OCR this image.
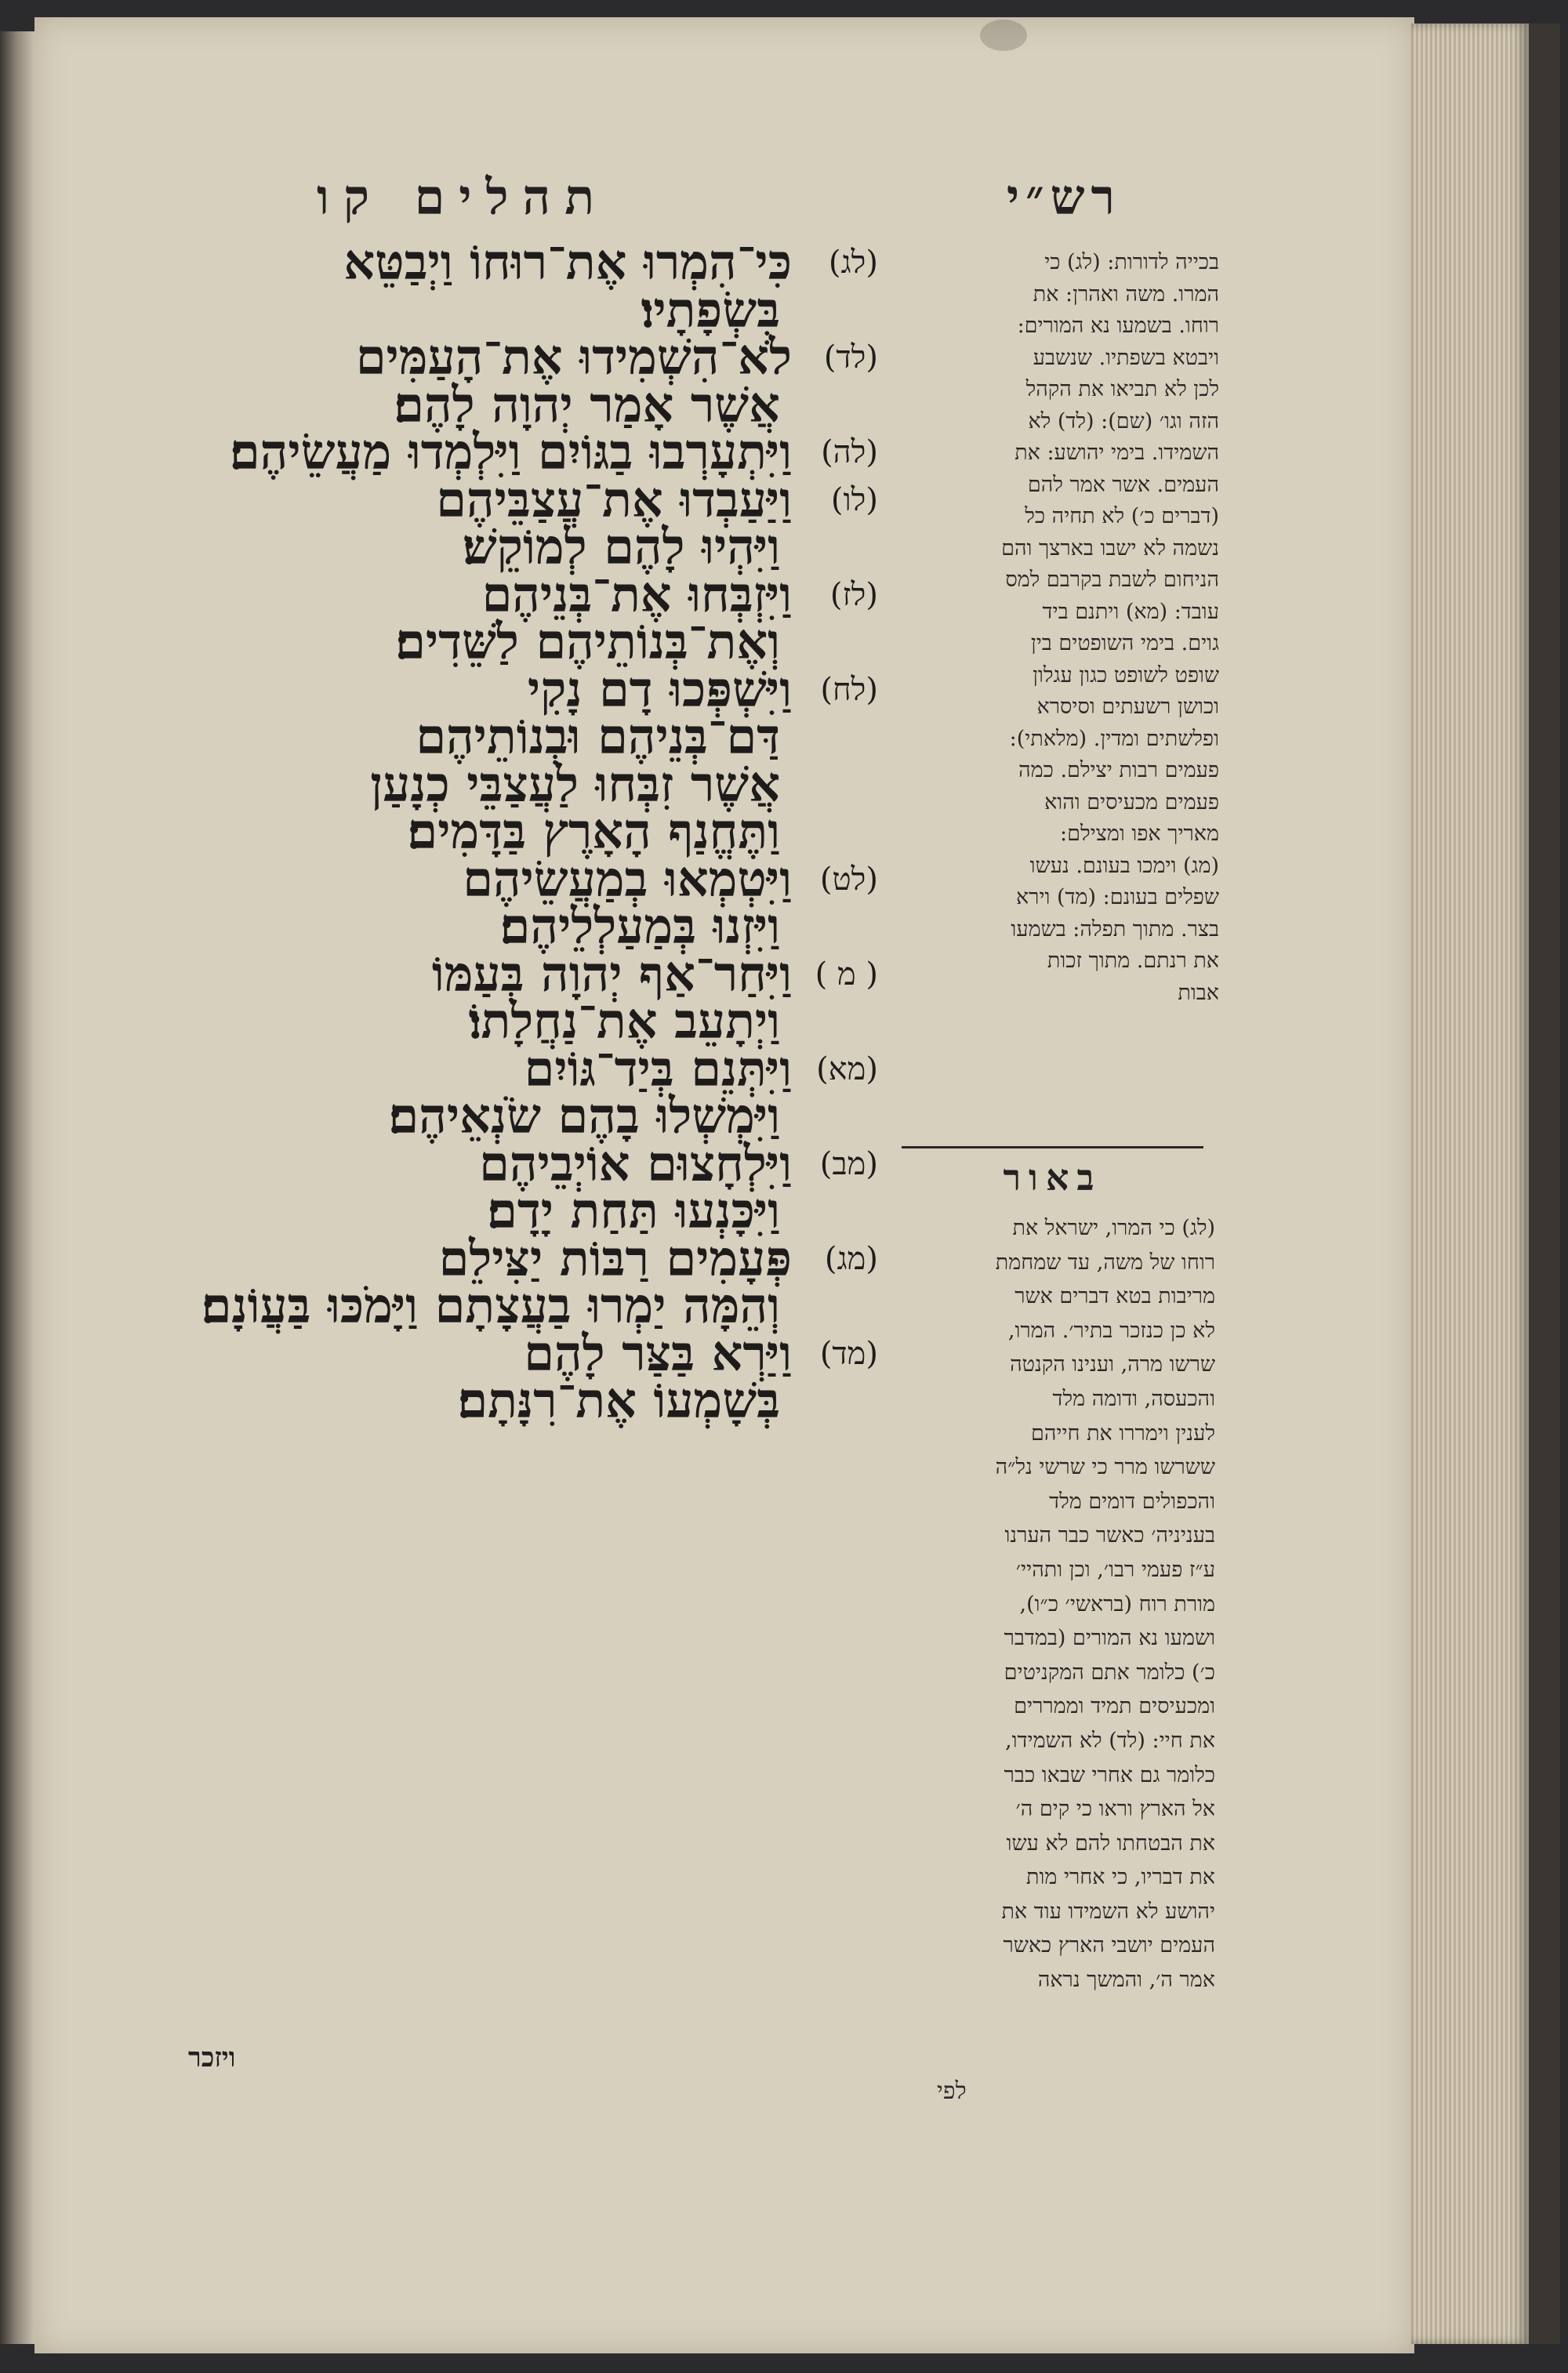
תהלים קו	רש״י
(לג)
כִּי־הִמְרוּ אֶת־רוּחוֹ וַיְבַטֵּא
בִּשְׂפָתָיו׃
(לד)
לֹא־הִשְׁמִידוּ אֶת־הָעַמִּים
אֲשֶׁר אָמַר יְהוָה לָהֶם׃
(לה)
וַיִּתְעָרְבוּ בַגּוֹיִם וַיִּלְמְדוּ מַעֲשֵׂיהֶם׃
(לו)
וַיַּעַבְדוּ אֶת־עֲצַבֵּיהֶם
וַיִּהְיוּ לָהֶם לְמוֹקֵשׁ׃
(לז)
וַיִּזְבְּחוּ אֶת־בְּנֵיהֶם
וְאֶת־בְּנוֹתֵיהֶם לַשֵּׁדִים׃
(לח)
וַיִּשְׁפְּכוּ דָם נָקִי
דַּם־בְּנֵיהֶם וּבְנוֹתֵיהֶם
אֲשֶׁר זִבְּחוּ לַעֲצַבֵּי כְנָעַן
וַתֶּחֱנַף הָאָרֶץ בַּדָּמִים׃
(לט)
וַיִּטְמְאוּ בְמַעֲשֵׂיהֶם
וַיִּזְנוּ בְּמַעַלְלֵיהֶם׃
( מ )
וַיִּחַר־אַף יְהוָה בְּעַמּוֹ
וַיְתָעֵב אֶת־נַחֲלָתוֹ׃
(מא)
וַיִּתְּנֵם בְּיַד־גּוֹיִם
וַיִּמְשְׁלוּ בָהֶם שֹׂנְאֵיהֶם׃
(מב)
וַיִּלְחָצוּם אוֹיְבֵיהֶם
וַיִּכָּנְעוּ תַּחַת יָדָם׃
(מג)
פְּעָמִים רַבּוֹת יַצִּילֵם
וְהֵמָּה יַמְרוּ בַעֲצָתָם וַיָּמֹכּוּ בַּעֲוֹנָם׃
(מד)
וַיַּרְא בַּצַּר לָהֶם
בְּשָׁמְעוֹ אֶת־רִנָּתָם׃
ויזכר

בכייה לדורות: (לג) כי

המרו. משה ואהרן: את

רוחו. בשמעו נא המורים:

ויבטא בשפתיו. שנשבע

לכן לא תביאו את הקהל

הזה וגו׳ (שם): (לד) לא

השמידו. בימי יהושע: את

העמים. אשר אמר להם

(דברים כ׳) לא תחיה כל

נשמה לא ישבו בארצך והם

הניחום לשבת בקרבם למס

עובד: (מא) ויתנם ביד

גוים. בימי השופטים בין

שופט לשופט כגון עגלון

וכושן רשעתים וסיסרא

ופלשתים ומדין. (מלאתי):

פעמים רבות יצילם. כמה

פעמים מכעיסים והוא

מאריך אפו ומצילם:

(מג) וימכו בעונם. נעשו

שפלים בעונם: (מד) וירא

בצר. מתוך תפלה: בשמעו

את רנתם. מתוך זכות

אבות

באור

(לג) כי המרו, ישראל את

רוחו של משה, עד שמחמת

מריבות בטא דברים אשר

לא כן כנזכר בתיר׳. המרו,

שרשו מרה, וענינו הקנטה

והכעסה, ודומה מלד

לענין וימררו את חייהם

ששרשו מרר כי שרשי נל״ה

והכפולים דומים מלד

בעניניה׳ כאשר כבר הערנו

ע״ז פעמי רבו׳, וכן ותהיי׳

מורת רוח (בראשי׳ כ״ו),

ושמעו נא המורים (במדבר

כ׳) כלומר אתם המקניטים

ומכעיסים תמיד וממררים

את חיי: (לד) לא השמידו,

כלומר גם אחרי שבאו כבר

אל הארץ וראו כי קים ה׳

את הבטחתו להם לא עשו

את דבריו, כי אחרי מות

יהושע לא השמידו עוד את

העמים יושבי הארץ כאשר

אמר ה׳, והמשך נראה

לפי
